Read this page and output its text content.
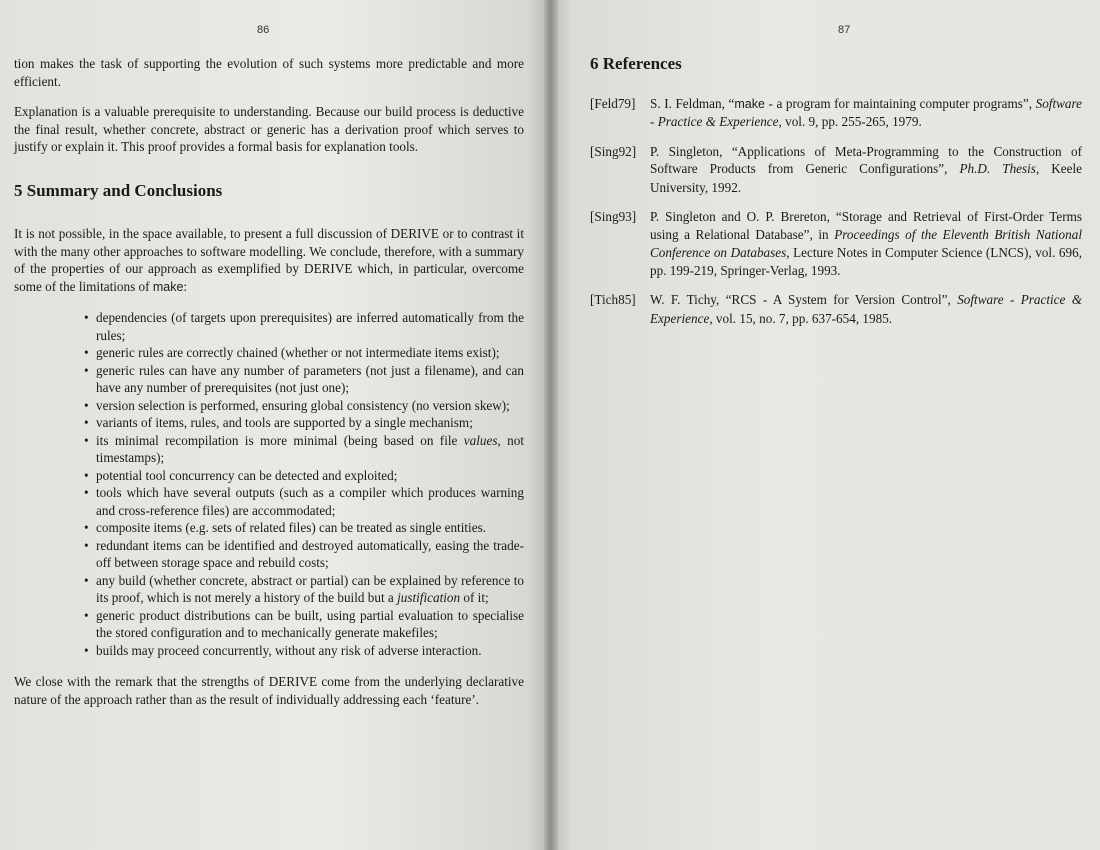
86

tion makes the task of supporting the evolution of such systems more predictable and more efficient.

Explanation is a valuable prerequisite to understanding. Because our build process is deductive the final result, whether concrete, abstract or generic has a derivation proof which serves to justify or explain it. This proof provides a formal basis for explanation tools.

5 Summary and Conclusions

It is not possible, in the space available, to present a full discussion of DERIVE or to contrast it with the many other approaches to software modelling. We conclude, therefore, with a summary of the properties of our approach as exemplified by DERIVE which, in particular, overcome some of the limitations of make:

• dependencies (of targets upon prerequisites) are inferred automatically from the rules;
• generic rules are correctly chained (whether or not intermediate items exist);
• generic rules can have any number of parameters (not just a filename), and can have any number of prerequisites (not just one);
• version selection is performed, ensuring global consistency (no version skew);
• variants of items, rules, and tools are supported by a single mechanism;
• its minimal recompilation is more minimal (being based on file values, not timestamps);
• potential tool concurrency can be detected and exploited;
• tools which have several outputs (such as a compiler which produces warning and cross-reference files) are accommodated;
• composite items (e.g. sets of related files) can be treated as single entities.
• redundant items can be identified and destroyed automatically, easing the trade-off between storage space and rebuild costs;
• any build (whether concrete, abstract or partial) can be explained by reference to its proof, which is not merely a history of the build but a justification of it;
• generic product distributions can be built, using partial evaluation to specialise the stored configuration and to mechanically generate makefiles;
• builds may proceed concurrently, without any risk of adverse interaction.

We close with the remark that the strengths of DERIVE come from the underlying declarative nature of the approach rather than as the result of individually addressing each ‘feature’.

87
6 References
[Feld79]	S. I. Feldman, “make - a program for maintaining computer programs”, Software - Practice & Experience, vol. 9, pp. 255-265, 1979.
[Sing92]	P. Singleton, “Applications of Meta-Programming to the Construction of Software Products from Generic Configurations”, Ph.D. Thesis, Keele University, 1992.
[Sing93]	P. Singleton and O. P. Brereton, “Storage and Retrieval of First-Order Terms using a Relational Database”, in Proceedings of the Eleventh British National Conference on Databases, Lecture Notes in Computer Science (LNCS), vol. 696, pp. 199-219, Springer-Verlag, 1993.
[Tich85]	W. F. Tichy, “RCS - A System for Version Control”, Software - Practice & Experience, vol. 15, no. 7, pp. 637-654, 1985.
